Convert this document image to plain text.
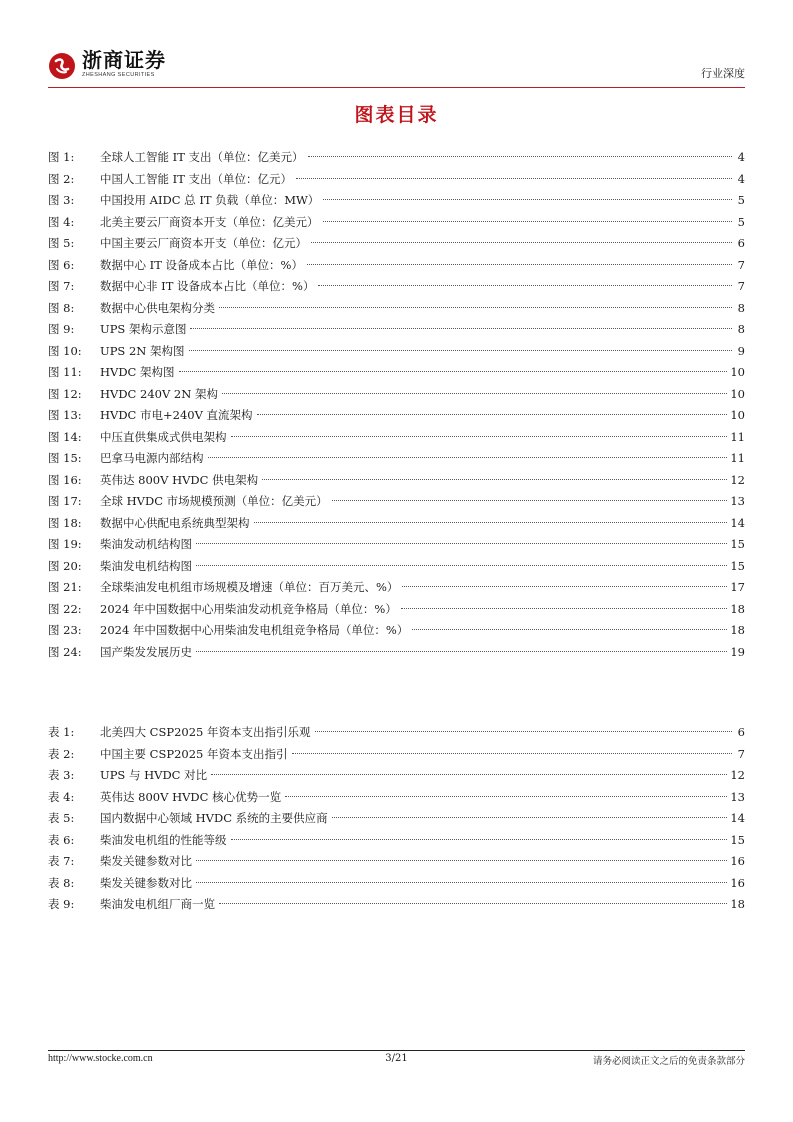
浙商证券
ZHESHANG SECURITIES	行业深度
图表目录
图 1:	全球人工智能 IT 支出（单位：亿美元）	4
图 2:	中国人工智能 IT 支出（单位：亿元）	4
图 3:	中国投用 AIDC 总 IT 负载（单位：MW）	5
图 4:	北美主要云厂商资本开支（单位：亿美元）	5
图 5:	中国主要云厂商资本开支（单位：亿元）	6
图 6:	数据中心 IT 设备成本占比（单位：%）	7
图 7:	数据中心非 IT 设备成本占比（单位：%）	7
图 8:	数据中心供电架构分类	8
图 9:	UPS 架构示意图	8
图 10:	UPS 2N 架构图	9
图 11:	HVDC 架构图	10
图 12:	HVDC 240V 2N 架构	10
图 13:	HVDC 市电+240V 直流架构	10
图 14:	中压直供集成式供电架构	11
图 15:	巴拿马电源内部结构	11
图 16:	英伟达 800V HVDC 供电架构	12
图 17:	全球 HVDC 市场规模预测（单位：亿美元）	13
图 18:	数据中心供配电系统典型架构	14
图 19:	柴油发动机结构图	15
图 20:	柴油发电机结构图	15
图 21:	全球柴油发电机组市场规模及增速（单位：百万美元、%）	17
图 22:	2024 年中国数据中心用柴油发动机竞争格局（单位：%）	18
图 23:	2024 年中国数据中心用柴油发电机组竞争格局（单位：%）	18
图 24:	国产柴发发展历史	19
表 1:	北美四大 CSP2025 年资本支出指引乐观	6
表 2:	中国主要 CSP2025 年资本支出指引	7
表 3:	UPS 与 HVDC 对比	12
表 4:	英伟达 800V HVDC 核心优势一览	13
表 5:	国内数据中心领域 HVDC 系统的主要供应商	14
表 6:	柴油发电机组的性能等级	15
表 7:	柴发关键参数对比	16
表 8:	柴发关键参数对比	16
表 9:	柴油发电机组厂商一览	18
http://www.stocke.com.cn	3/21	请务必阅读正文之后的免责条款部分
